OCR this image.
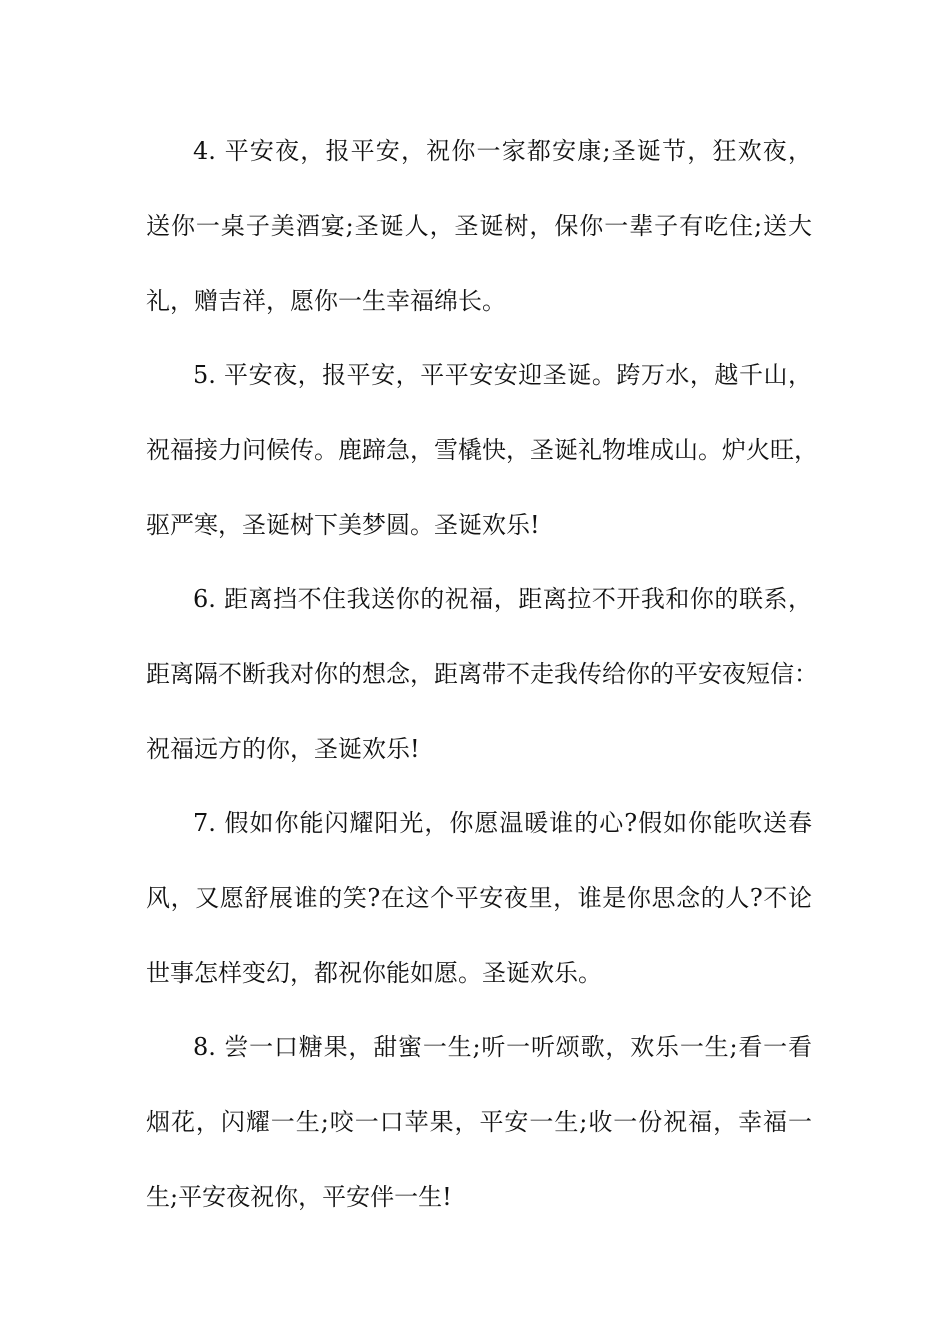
4. 平安夜，报平安，祝你一家都安康;圣诞节，狂欢夜，
送你一桌子美酒宴;圣诞人，圣诞树，保你一辈子有吃住;送大
礼，赠吉祥，愿你一生幸福绵长。
5. 平安夜，报平安，平平安安迎圣诞。跨万水，越千山，
祝福接力问候传。鹿蹄急，雪橇快，圣诞礼物堆成山。炉火旺，
驱严寒，圣诞树下美梦圆。圣诞欢乐!
6. 距离挡不住我送你的祝福，距离拉不开我和你的联系，
距离隔不断我对你的想念，距离带不走我传给你的平安夜短信：
祝福远方的你，圣诞欢乐!
7. 假如你能闪耀阳光，你愿温暖谁的心?假如你能吹送春
风，又愿舒展谁的笑?在这个平安夜里，谁是你思念的人?不论
世事怎样变幻，都祝你能如愿。圣诞欢乐。
8. 尝一口糖果，甜蜜一生;听一听颂歌，欢乐一生;看一看
烟花，闪耀一生;咬一口苹果，平安一生;收一份祝福，幸福一
生;平安夜祝你，平安伴一生!
